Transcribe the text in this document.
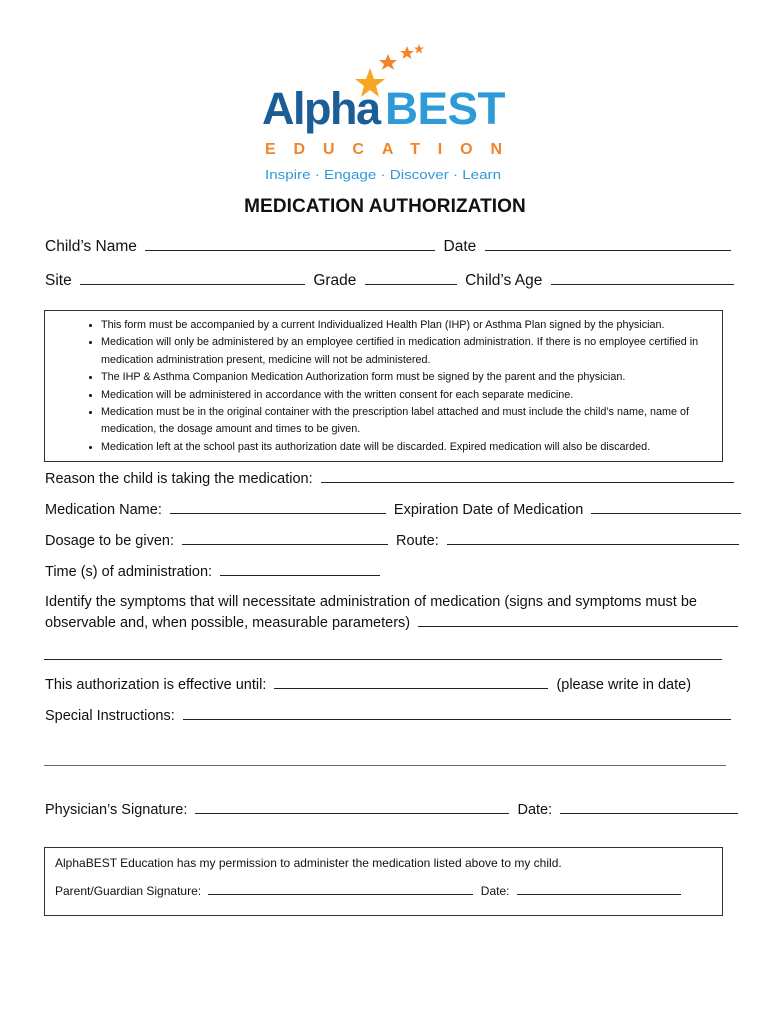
Alpha BEST
EDUCATION
Inspire · Engage · Discover · Learn
MEDICATION AUTHORIZATION
Child’s Name	Date
Site	Grade	Child’s Age
• This form must be accompanied by a current Individualized Health Plan (IHP) or Asthma Plan signed by the physician.
• Medication will only be administered by an employee certified in medication administration. If there is no employee certified in medication administration present, medicine will not be administered.
• The IHP & Asthma Companion Medication Authorization form must be signed by the parent and the physician.
• Medication will be administered in accordance with the written consent for each separate medicine.
• Medication must be in the original container with the prescription label attached and must include the child’s name, name of medication, the dosage amount and times to be given.
• Medication left at the school past its authorization date will be discarded. Expired medication will also be discarded.
Reason the child is taking the medication:
Medication Name:	Expiration Date of Medication
Dosage to be given:	Route:
Time (s) of administration:
Identify the symptoms that will necessitate administration of medication (signs and symptoms must be
observable and, when possible, measurable parameters)
This authorization is effective until:	(please write in date)
Special Instructions:
Physician’s Signature:	Date:
AlphaBEST Education has my permission to administer the medication listed above to my child.
Parent/Guardian Signature:	Date:
